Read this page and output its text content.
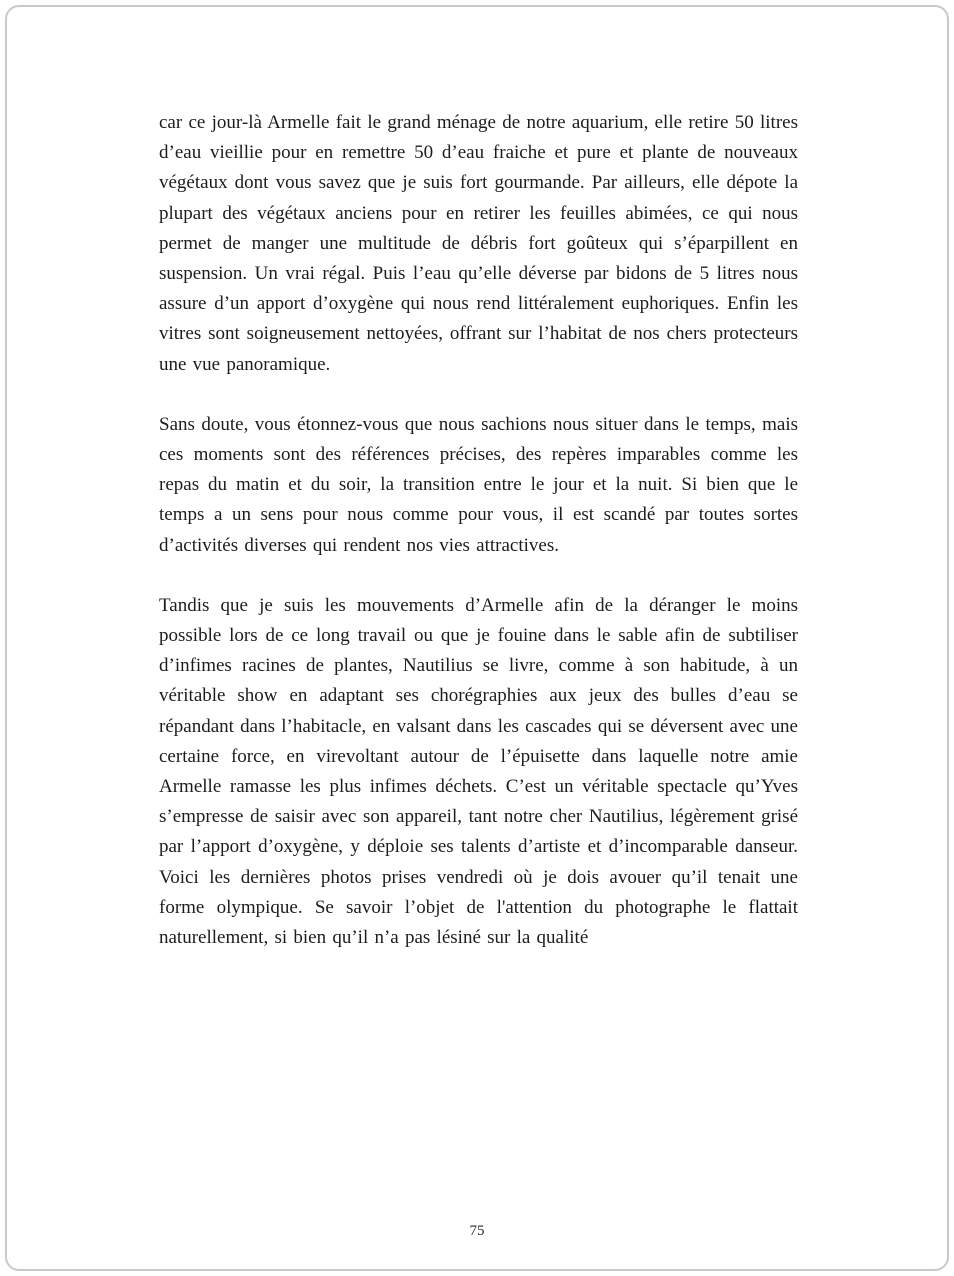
car ce jour-là Armelle fait le grand ménage de notre aquarium, elle retire 50 litres d’eau vieillie pour en remettre 50 d’eau fraiche et pure et plante de nouveaux végétaux dont vous savez que je suis fort gourmande. Par ailleurs, elle dépote la plupart des végétaux anciens pour en retirer les feuilles abimées, ce qui nous permet de manger une multitude de débris fort goûteux qui s’éparpillent en suspension. Un vrai régal. Puis l’eau qu’elle déverse par bidons de 5 litres nous assure d’un apport d’oxygène qui nous rend littéralement euphoriques. Enfin les vitres sont soigneusement nettoyées, offrant sur l’habitat de nos chers protecteurs une vue panoramique.

Sans doute, vous étonnez-vous que nous sachions nous situer dans le temps, mais ces moments sont des références précises, des repères imparables comme les repas du matin et du soir, la transition entre le jour et la nuit. Si bien que le temps a un sens pour nous comme pour vous, il est scandé par toutes sortes d’activités diverses qui rendent nos vies attractives.

Tandis que je suis les mouvements d’Armelle afin de la déranger le moins possible lors de ce long travail ou que je fouine dans le sable afin de subtiliser d’infimes racines de plantes, Nautilius se livre, comme à son habitude, à un véritable show en adaptant ses chorégraphies aux jeux des bulles d’eau se répandant dans l’habitacle, en valsant dans les cascades qui se déversent avec une certaine force, en virevoltant autour de l’épuisette dans laquelle notre amie Armelle ramasse les plus infimes déchets. C’est un véritable spectacle qu’Yves s’empresse de saisir avec son appareil, tant notre cher Nautilius, légèrement grisé par l’apport d’oxygène, y déploie ses talents d’artiste et d’incomparable danseur. Voici les dernières photos prises vendredi où je dois avouer qu’il tenait une forme olympique. Se savoir l’objet de l'attention du photographe le flattait naturellement, si bien qu’il n’a pas lésiné sur la qualité

75
